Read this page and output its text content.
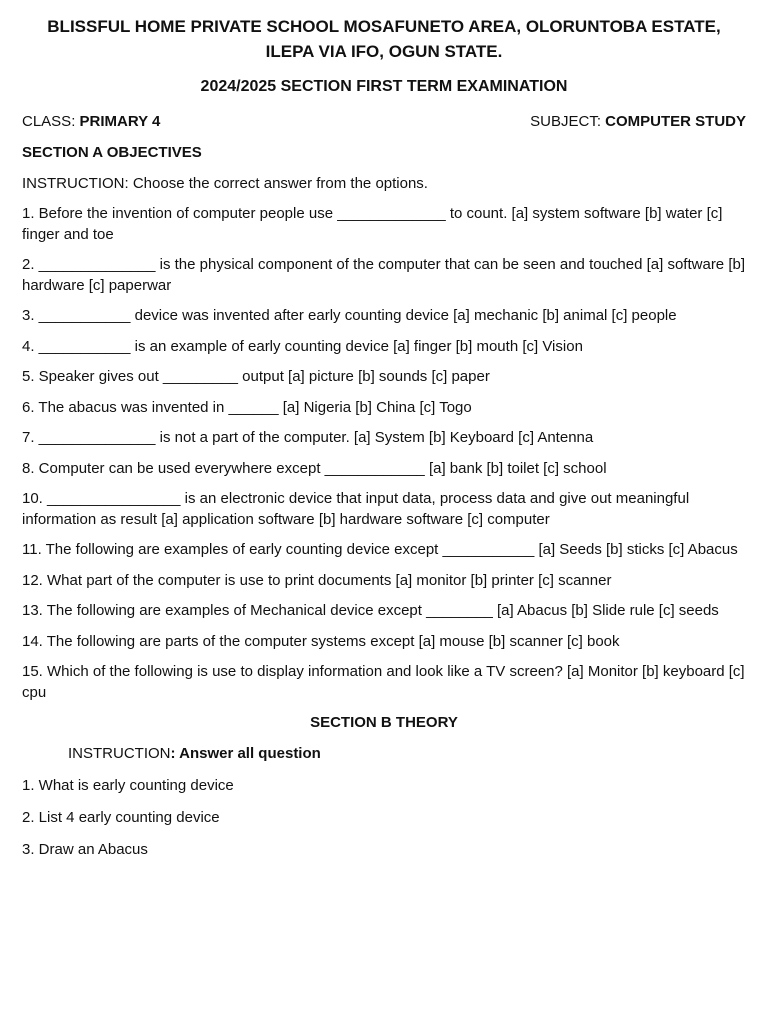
BLISSFUL HOME PRIVATE SCHOOL MOSAFUNETO AREA, OLORUNTOBA ESTATE, ILEPA VIA IFO, OGUN STATE.
2024/2025 SECTION FIRST TERM EXAMINATION
CLASS: PRIMARY 4	SUBJECT: COMPUTER STUDY
SECTION A OBJECTIVES
INSTRUCTION: Choose the correct answer from the options.
1. Before the invention of computer people use _____________ to count. [a] system software [b] water [c] finger and toe
2. ______________ is the physical component of the computer that can be seen and touched [a] software [b] hardware [c] paperwar
3. ___________ device was invented after early counting device [a] mechanic [b] animal [c] people
4. ___________ is an example of early counting device [a] finger [b] mouth [c] Vision
5. Speaker gives out _________ output [a] picture [b] sounds [c] paper
6. The abacus was invented in ______ [a] Nigeria [b] China [c] Togo
7. ______________ is not a part of the computer. [a] System [b] Keyboard [c] Antenna
8. Computer can be used everywhere except ____________ [a] bank [b] toilet [c] school
10. ________________ is an electronic device that input data, process data and give out meaningful information as result [a] application software [b] hardware software [c] computer
11. The following are examples of early counting device except ___________ [a] Seeds [b] sticks [c] Abacus
12. What part of the computer is use to print documents [a] monitor [b] printer [c] scanner
13. The following are examples of Mechanical device except ________ [a] Abacus [b] Slide rule [c] seeds
14. The following are parts of the computer systems except [a] mouse [b] scanner [c] book
15. Which of the following is use to display information and look like a TV screen? [a] Monitor [b] keyboard [c] cpu
SECTION B THEORY
INSTRUCTION: Answer all question
1. What is early counting device
2. List 4 early counting device
3. Draw an Abacus
